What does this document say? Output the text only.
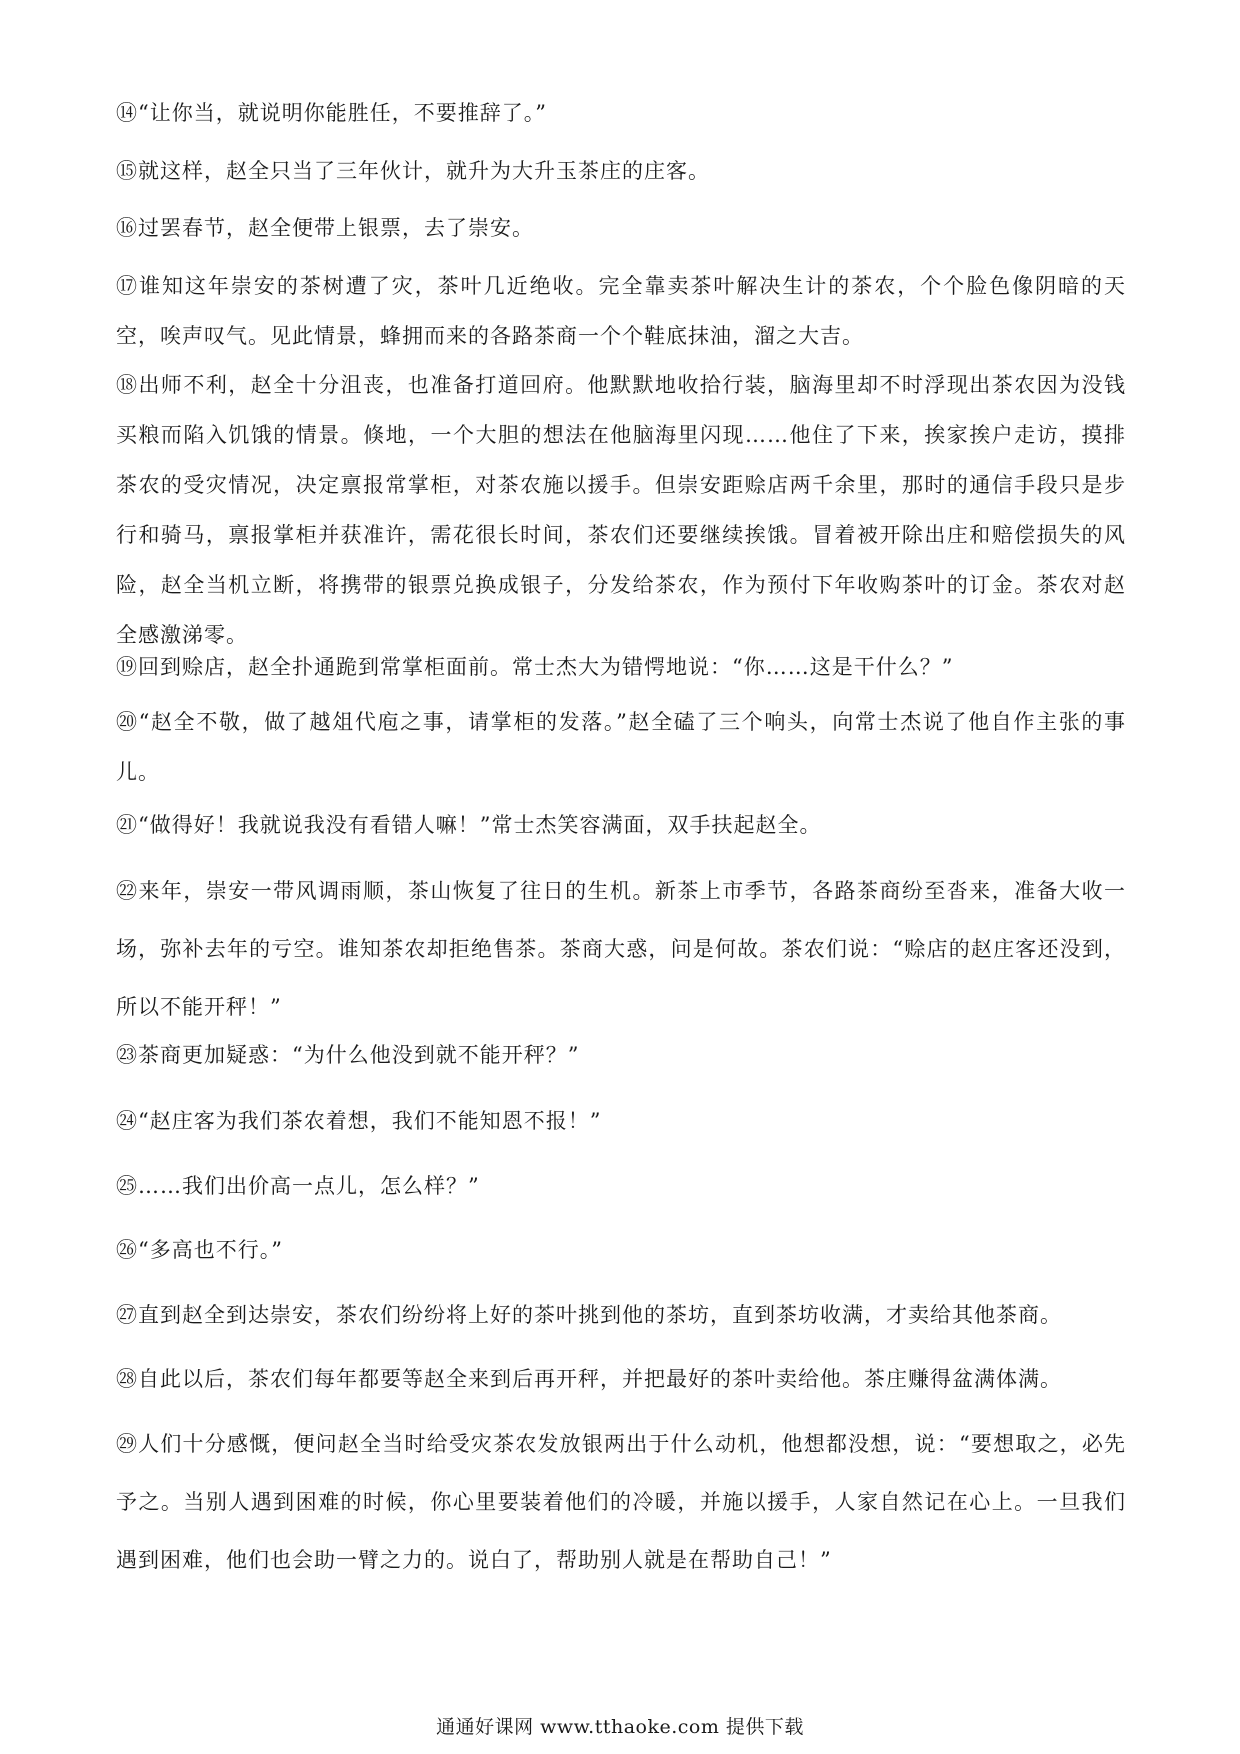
⑭“让你当，就说明你能胜任，不要推辞了。”

⑮就这样，赵全只当了三年伙计，就升为大升玉茶庄的庄客。

⑯过罢春节，赵全便带上银票，去了崇安。

⑰谁知这年崇安的茶树遭了灾，茶叶几近绝收。完全靠卖茶叶解决生计的茶农，个个脸色像阴暗的天空，唉声叹气。见此情景，蜂拥而来的各路茶商一个个鞋底抹油，溜之大吉。

⑱出师不利，赵全十分沮丧，也准备打道回府。他默默地收拾行装，脑海里却不时浮现出茶农因为没钱买粮而陷入饥饿的情景。倏地，一个大胆的想法在他脑海里闪现……他住了下来，挨家挨户走访，摸排茶农的受灾情况，决定禀报常掌柜，对茶农施以援手。但崇安距赊店两千余里，那时的通信手段只是步行和骑马，禀报掌柜并获准许，需花很长时间，茶农们还要继续挨饿。冒着被开除出庄和赔偿损失的风险，赵全当机立断，将携带的银票兑换成银子，分发给茶农，作为预付下年收购茶叶的订金。茶农对赵全感激涕零。

⑲回到赊店，赵全扑通跪到常掌柜面前。常士杰大为错愕地说：“你……这是干什么？”

⑳“赵全不敬，做了越俎代庖之事，请掌柜的发落。”赵全磕了三个响头，向常士杰说了他自作主张的事儿。

㉑“做得好！我就说我没有看错人嘛！”常士杰笑容满面，双手扶起赵全。

㉒来年，崇安一带风调雨顺，茶山恢复了往日的生机。新茶上市季节，各路茶商纷至沓来，准备大收一场，弥补去年的亏空。谁知茶农却拒绝售茶。茶商大惑，问是何故。茶农们说：“赊店的赵庄客还没到，所以不能开秤！”

㉓茶商更加疑惑：“为什么他没到就不能开秤？”

㉔“赵庄客为我们茶农着想，我们不能知恩不报！”

㉕……我们出价高一点儿，怎么样？”

㉖“多高也不行。”

㉗直到赵全到达崇安，茶农们纷纷将上好的茶叶挑到他的茶坊，直到茶坊收满，才卖给其他茶商。

㉘自此以后，茶农们每年都要等赵全来到后再开秤，并把最好的茶叶卖给他。茶庄赚得盆满体满。

㉙人们十分感慨，便问赵全当时给受灾茶农发放银两出于什么动机，他想都没想，说：“要想取之，必先予之。当别人遇到困难的时候，你心里要装着他们的冷暖，并施以援手，人家自然记在心上。一旦我们遇到困难，他们也会助一臂之力的。说白了，帮助别人就是在帮助自己！”

通通好课网 www.tthaoke.com 提供下载
